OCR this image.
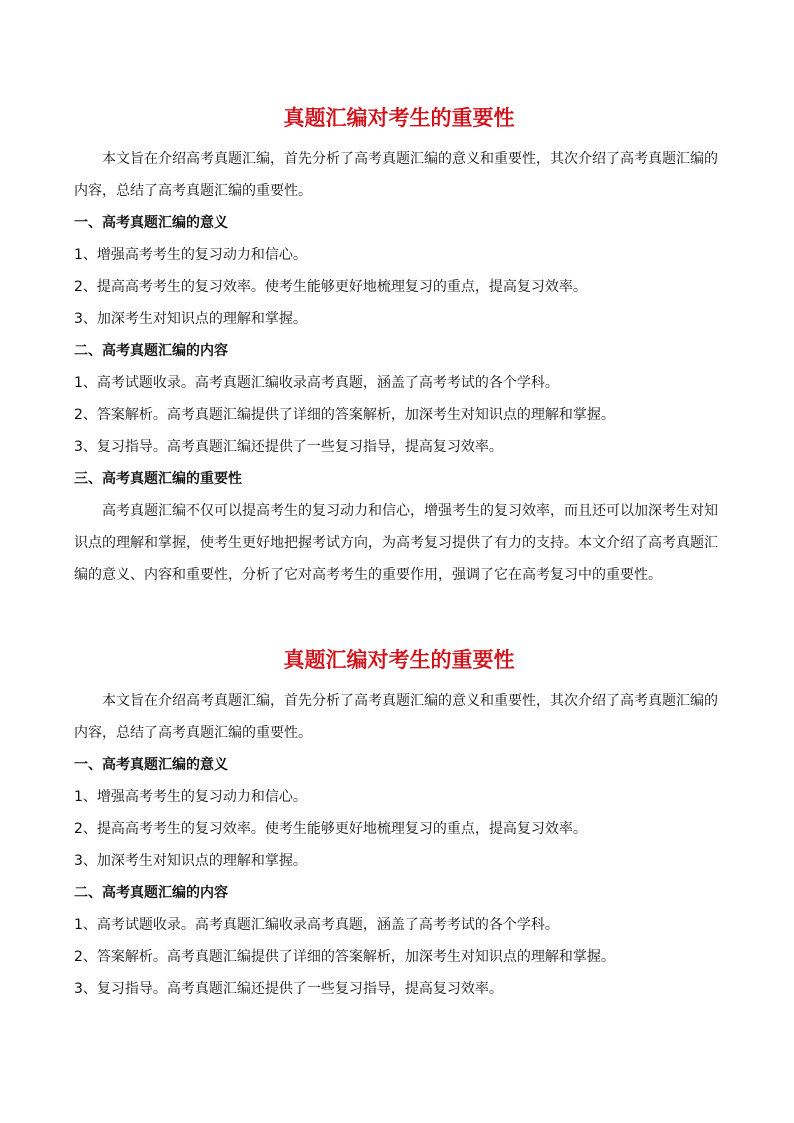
真题汇编对考生的重要性

本文旨在介绍高考真题汇编，首先分析了高考真题汇编的意义和重要性，其次介绍了高考真题汇编的内容，总结了高考真题汇编的重要性。

一、高考真题汇编的意义

1、增强高考考生的复习动力和信心。

2、提高高考考生的复习效率。使考生能够更好地梳理复习的重点，提高复习效率。

3、加深考生对知识点的理解和掌握。

二、高考真题汇编的内容

1、高考试题收录。高考真题汇编收录高考真题，涵盖了高考考试的各个学科。

2、答案解析。高考真题汇编提供了详细的答案解析，加深考生对知识点的理解和掌握。

3、复习指导。高考真题汇编还提供了一些复习指导，提高复习效率。

三、高考真题汇编的重要性

高考真题汇编不仅可以提高考生的复习动力和信心，增强考生的复习效率，而且还可以加深考生对知识点的理解和掌握，使考生更好地把握考试方向，为高考复习提供了有力的支持。本文介绍了高考真题汇编的意义、内容和重要性，分析了它对高考考生的重要作用，强调了它在高考复习中的重要性。

真题汇编对考生的重要性

本文旨在介绍高考真题汇编，首先分析了高考真题汇编的意义和重要性，其次介绍了高考真题汇编的内容，总结了高考真题汇编的重要性。

一、高考真题汇编的意义

1、增强高考考生的复习动力和信心。

2、提高高考考生的复习效率。使考生能够更好地梳理复习的重点，提高复习效率。

3、加深考生对知识点的理解和掌握。

二、高考真题汇编的内容

1、高考试题收录。高考真题汇编收录高考真题，涵盖了高考考试的各个学科。

2、答案解析。高考真题汇编提供了详细的答案解析，加深考生对知识点的理解和掌握。

3、复习指导。高考真题汇编还提供了一些复习指导，提高复习效率。
